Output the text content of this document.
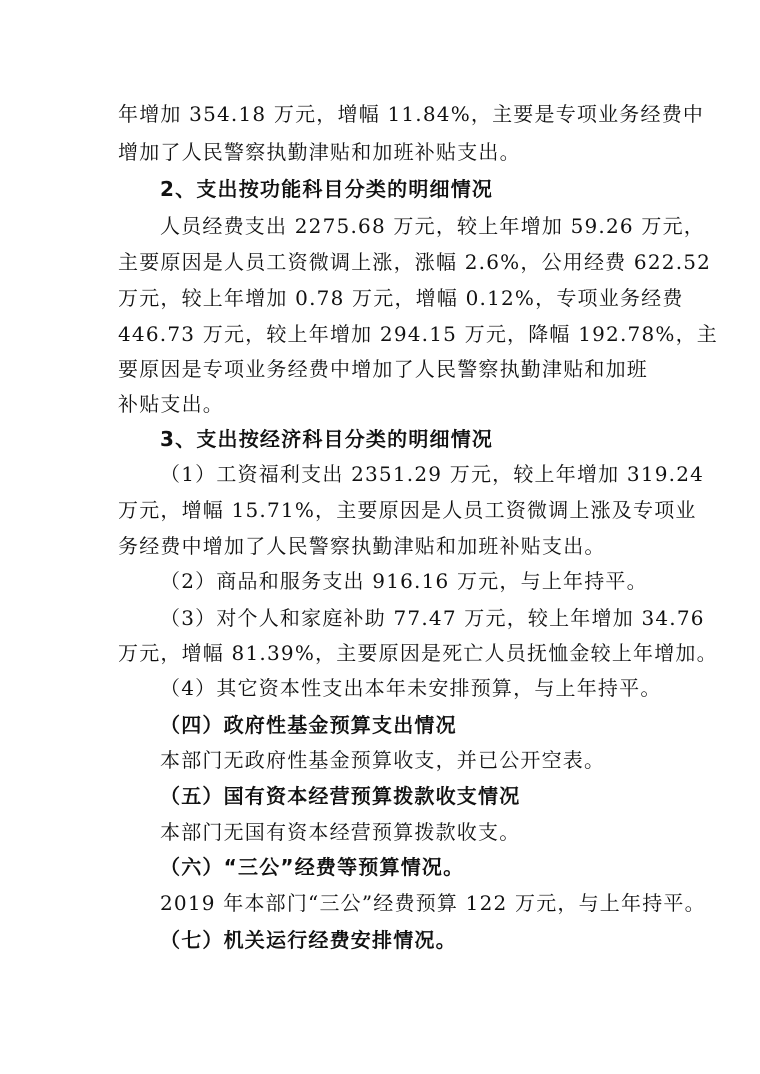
年增加 354.18 万元，增幅 11.84%，主要是专项业务经费中
增加了人民警察执勤津贴和加班补贴支出。
2、支出按功能科目分类的明细情况
人员经费支出 2275.68 万元，较上年增加 59.26 万元，
主要原因是人员工资微调上涨，涨幅 2.6%，公用经费 622.52
万元，较上年增加 0.78 万元，增幅 0.12%，专项业务经费
446.73 万元，较上年增加 294.15 万元，降幅 192.78%，主
要原因是专项业务经费中增加了人民警察执勤津贴和加班
补贴支出。
3、支出按经济科目分类的明细情况
（1）工资福利支出 2351.29 万元，较上年增加 319.24
万元，增幅 15.71%，主要原因是人员工资微调上涨及专项业
务经费中增加了人民警察执勤津贴和加班补贴支出。
（2）商品和服务支出 916.16 万元，与上年持平。
（3）对个人和家庭补助 77.47 万元，较上年增加 34.76
万元，增幅 81.39%，主要原因是死亡人员抚恤金较上年增加。
（4）其它资本性支出本年未安排预算，与上年持平。
（四）政府性基金预算支出情况
本部门无政府性基金预算收支，并已公开空表。
（五）国有资本经营预算拨款收支情况
本部门无国有资本经营预算拨款收支。
（六）“三公”经费等预算情况。
2019 年本部门“三公”经费预算 122 万元，与上年持平。
（七）机关运行经费安排情况。
